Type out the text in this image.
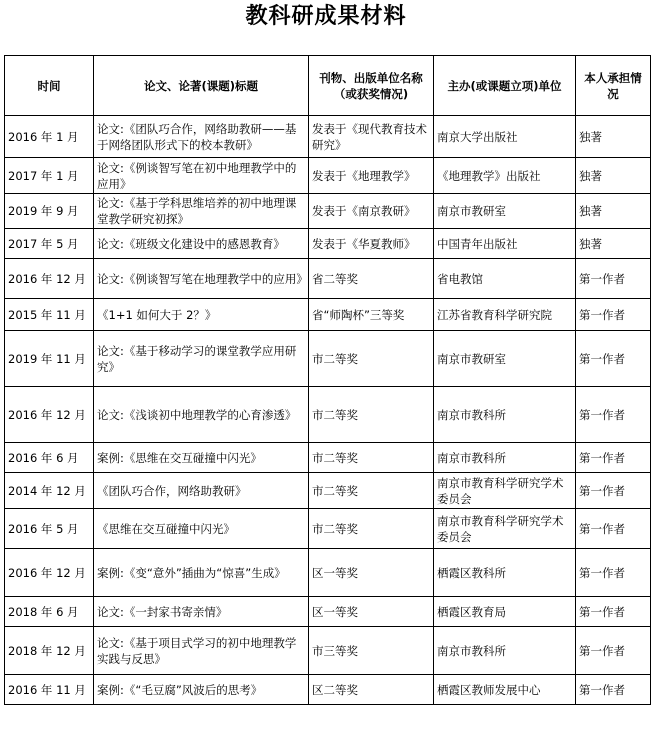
教科研成果材料
时间	论文、论著(课题)标题	刊物、出版单位名称（或获奖情况)	主办(或课题立项)单位	本人承担情况
2016 年 1 月	论文:《团队巧合作，网络助教研——基于网络团队形式下的校本教研》	发表于《现代教育技术研究》	南京大学出版社	独著
2017 年 1 月	论文:《例谈智写笔在初中地理教学中的应用》	发表于《地理教学》	《地理教学》出版社	独著
2019 年 9 月	论文:《基于学科思维培养的初中地理课堂教学研究初探》	发表于《南京教研》	南京市教研室	独著
2017 年 5 月	论文:《班级文化建设中的感恩教育》	发表于《华夏教师》	中国青年出版社	独著
2016 年 12 月	论文:《例谈智写笔在地理教学中的应用》	省二等奖	省电教馆	第一作者
2015 年 11 月	《1+1 如何大于 2？》	省“师陶杯”三等奖	江苏省教育科学研究院	第一作者
2019 年 11 月	论文:《基于移动学习的课堂教学应用研究》	市二等奖	南京市教研室	第一作者
2016 年 12 月	论文:《浅谈初中地理教学的心育渗透》	市二等奖	南京市教科所	第一作者
2016 年 6 月	案例:《思维在交互碰撞中闪光》	市二等奖	南京市教科所	第一作者
2014 年 12 月	《团队巧合作，网络助教研》	市二等奖	南京市教育科学研究学术委员会	第一作者
2016 年 5 月	《思维在交互碰撞中闪光》	市二等奖	南京市教育科学研究学术委员会	第一作者
2016 年 12 月	案例:《变“意外”插曲为“惊喜”生成》	区一等奖	栖霞区教科所	第一作者
2018 年 6 月	论文:《一封家书寄亲情》	区一等奖	栖霞区教育局	第一作者
2018 年 12 月	论文:《基于项目式学习的初中地理教学实践与反思》	市三等奖	南京市教科所	第一作者
2016 年 11 月	案例:《“毛豆腐”风波后的思考》	区二等奖	栖霞区教师发展中心	第一作者
